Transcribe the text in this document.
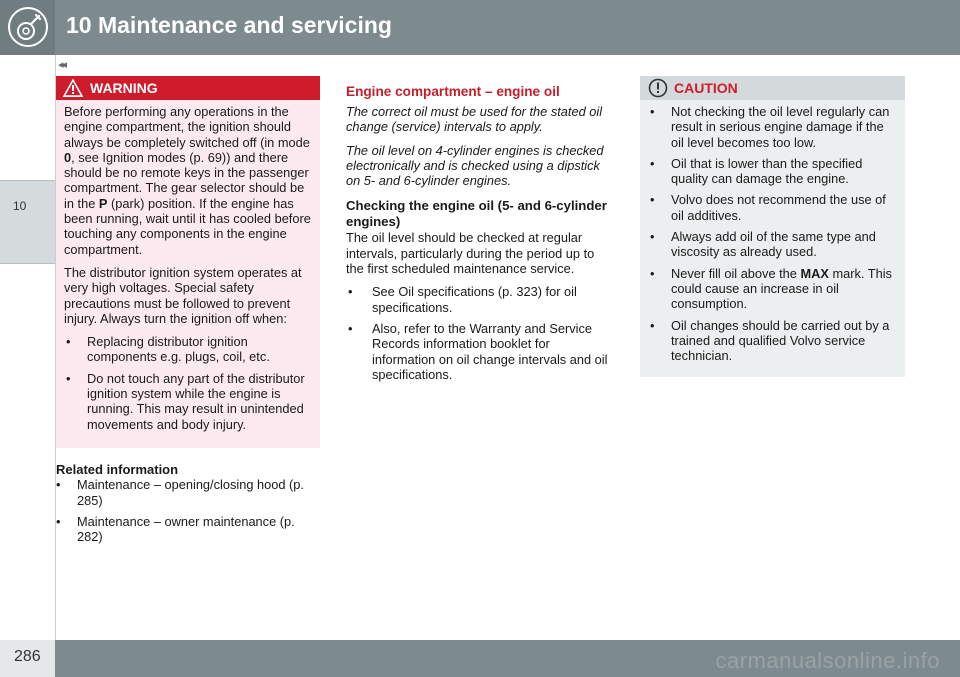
10 Maintenance and servicing
10
◂◂
WARNING

Before performing any operations in the engine compartment, the ignition should always be completely switched off (in mode 0, see Ignition modes (p. 69)) and there should be no remote keys in the passenger compartment. The gear selector should be in the P (park) position. If the engine has been running, wait until it has cooled before touching any components in the engine compartment.

The distributor ignition system operates at very high voltages. Special safety precautions must be followed to prevent injury. Always turn the ignition off when:

• Replacing distributor ignition components e.g. plugs, coil, etc.
• Do not touch any part of the distributor ignition system while the engine is running. This may result in unintended movements and body injury.
Related information
• Maintenance – opening/closing hood (p. 285)
• Maintenance – owner maintenance (p. 282)
Engine compartment – engine oil

The correct oil must be used for the stated oil change (service) intervals to apply.

The oil level on 4-cylinder engines is checked electronically and is checked using a dipstick on 5- and 6-cylinder engines.

Checking the engine oil (5- and 6-cylinder engines)

The oil level should be checked at regular intervals, particularly during the period up to the first scheduled maintenance service.

• See Oil specifications (p. 323) for oil specifications.
• Also, refer to the Warranty and Service Records information booklet for information on oil change intervals and oil specifications.
CAUTION
• Not checking the oil level regularly can result in serious engine damage if the oil level becomes too low.
• Oil that is lower than the specified quality can damage the engine.
• Volvo does not recommend the use of oil additives.
• Always add oil of the same type and viscosity as already used.
• Never fill oil above the MAX mark. This could cause an increase in oil consumption.
• Oil changes should be carried out by a trained and qualified Volvo service technician.
286	carmanualsonline.info
